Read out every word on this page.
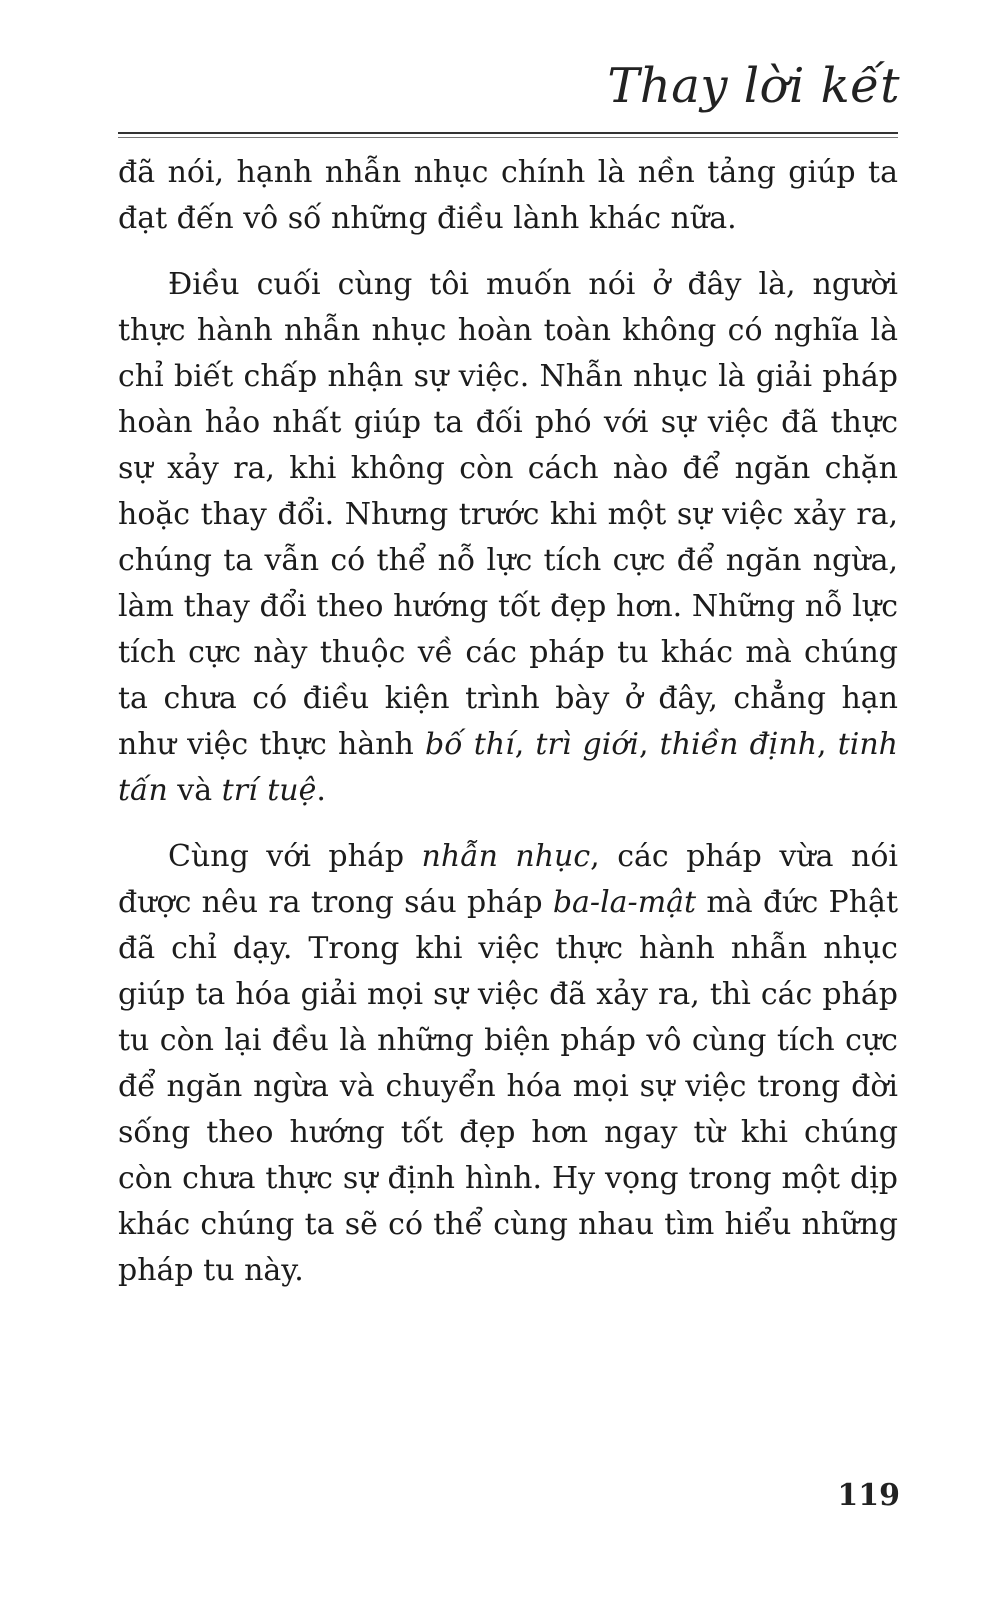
Thay lời kết

đã nói, hạnh nhẫn nhục chính là nền tảng giúp ta đạt đến vô số những điều lành khác nữa.

Điều cuối cùng tôi muốn nói ở đây là, người thực hành nhẫn nhục hoàn toàn không có nghĩa là chỉ biết chấp nhận sự việc. Nhẫn nhục là giải pháp hoàn hảo nhất giúp ta đối phó với sự việc đã thực sự xảy ra, khi không còn cách nào để ngăn chặn hoặc thay đổi. Nhưng trước khi một sự việc xảy ra, chúng ta vẫn có thể nỗ lực tích cực để ngăn ngừa, làm thay đổi theo hướng tốt đẹp hơn. Những nỗ lực tích cực này thuộc về các pháp tu khác mà chúng ta chưa có điều kiện trình bày ở đây, chẳng hạn như việc thực hành bố thí, trì giới, thiền định, tinh tấn và trí tuệ.

Cùng với pháp nhẫn nhục, các pháp vừa nói được nêu ra trong sáu pháp ba-la-mật mà đức Phật đã chỉ dạy. Trong khi việc thực hành nhẫn nhục giúp ta hóa giải mọi sự việc đã xảy ra, thì các pháp tu còn lại đều là những biện pháp vô cùng tích cực để ngăn ngừa và chuyển hóa mọi sự việc trong đời sống theo hướng tốt đẹp hơn ngay từ khi chúng còn chưa thực sự định hình. Hy vọng trong một dịp khác chúng ta sẽ có thể cùng nhau tìm hiểu những pháp tu này.

119
